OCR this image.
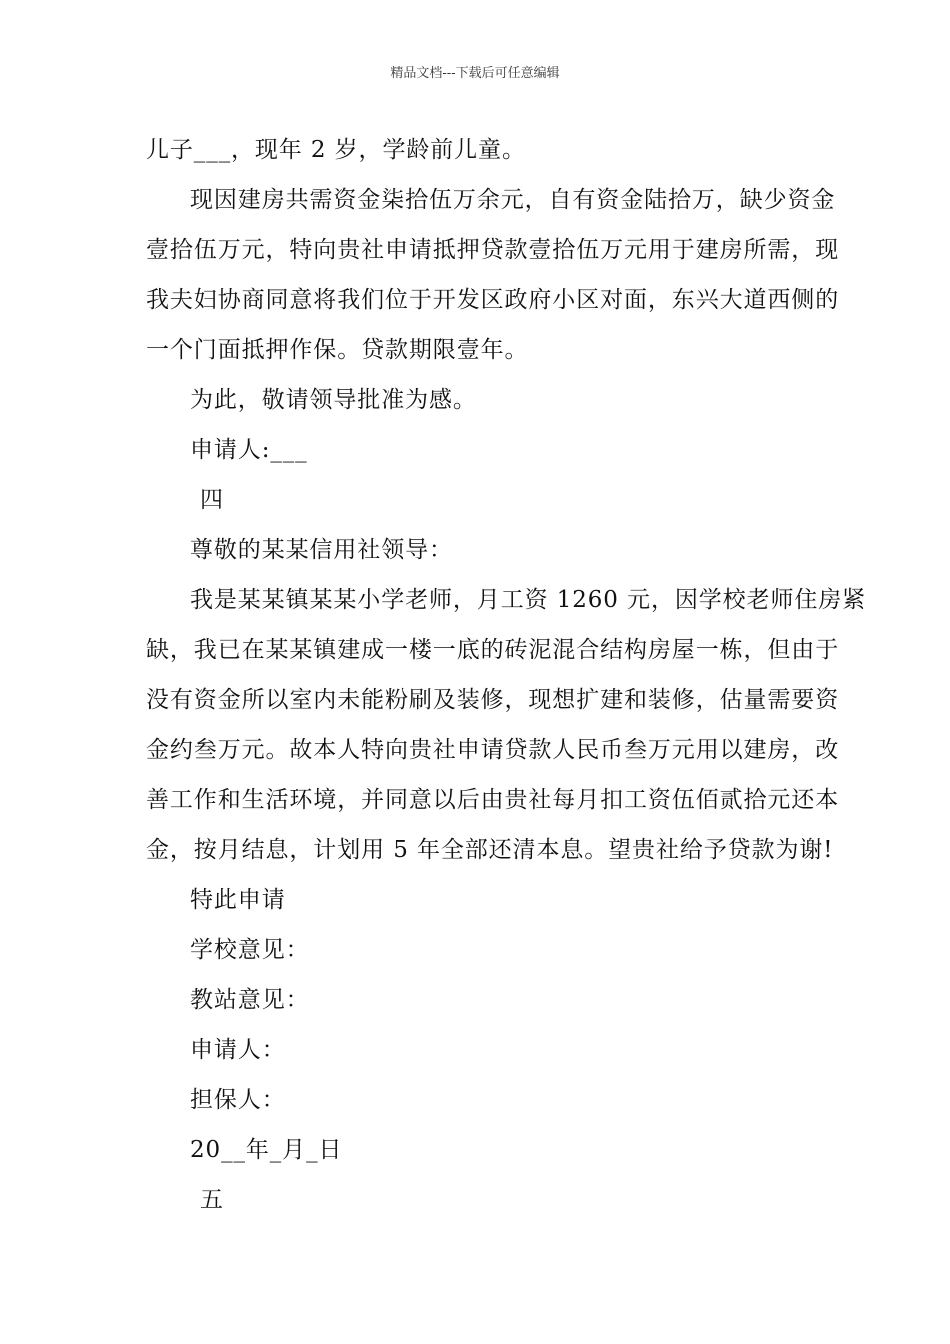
精品文档---下载后可任意编辑
儿子___，现年 2 岁，学龄前儿童。
现因建房共需资金柒拾伍万余元，自有资金陆拾万，缺少资金
壹拾伍万元，特向贵社申请抵押贷款壹拾伍万元用于建房所需，现
我夫妇协商同意将我们位于开发区政府小区对面，东兴大道西侧的
一个门面抵押作保。贷款期限壹年。
为此，敬请领导批准为感。
申请人:___
四
尊敬的某某信用社领导：
我是某某镇某某小学老师，月工资 1260 元，因学校老师住房紧
缺，我已在某某镇建成一楼一底的砖泥混合结构房屋一栋，但由于
没有资金所以室内未能粉刷及装修，现想扩建和装修，估量需要资
金约叁万元。故本人特向贵社申请贷款人民币叁万元用以建房，改
善工作和生活环境，并同意以后由贵社每月扣工资伍佰贰拾元还本
金，按月结息，计划用 5 年全部还清本息。望贵社给予贷款为谢!
特此申请
学校意见：
教站意见：
申请人：
担保人：
20__年_月_日
五
